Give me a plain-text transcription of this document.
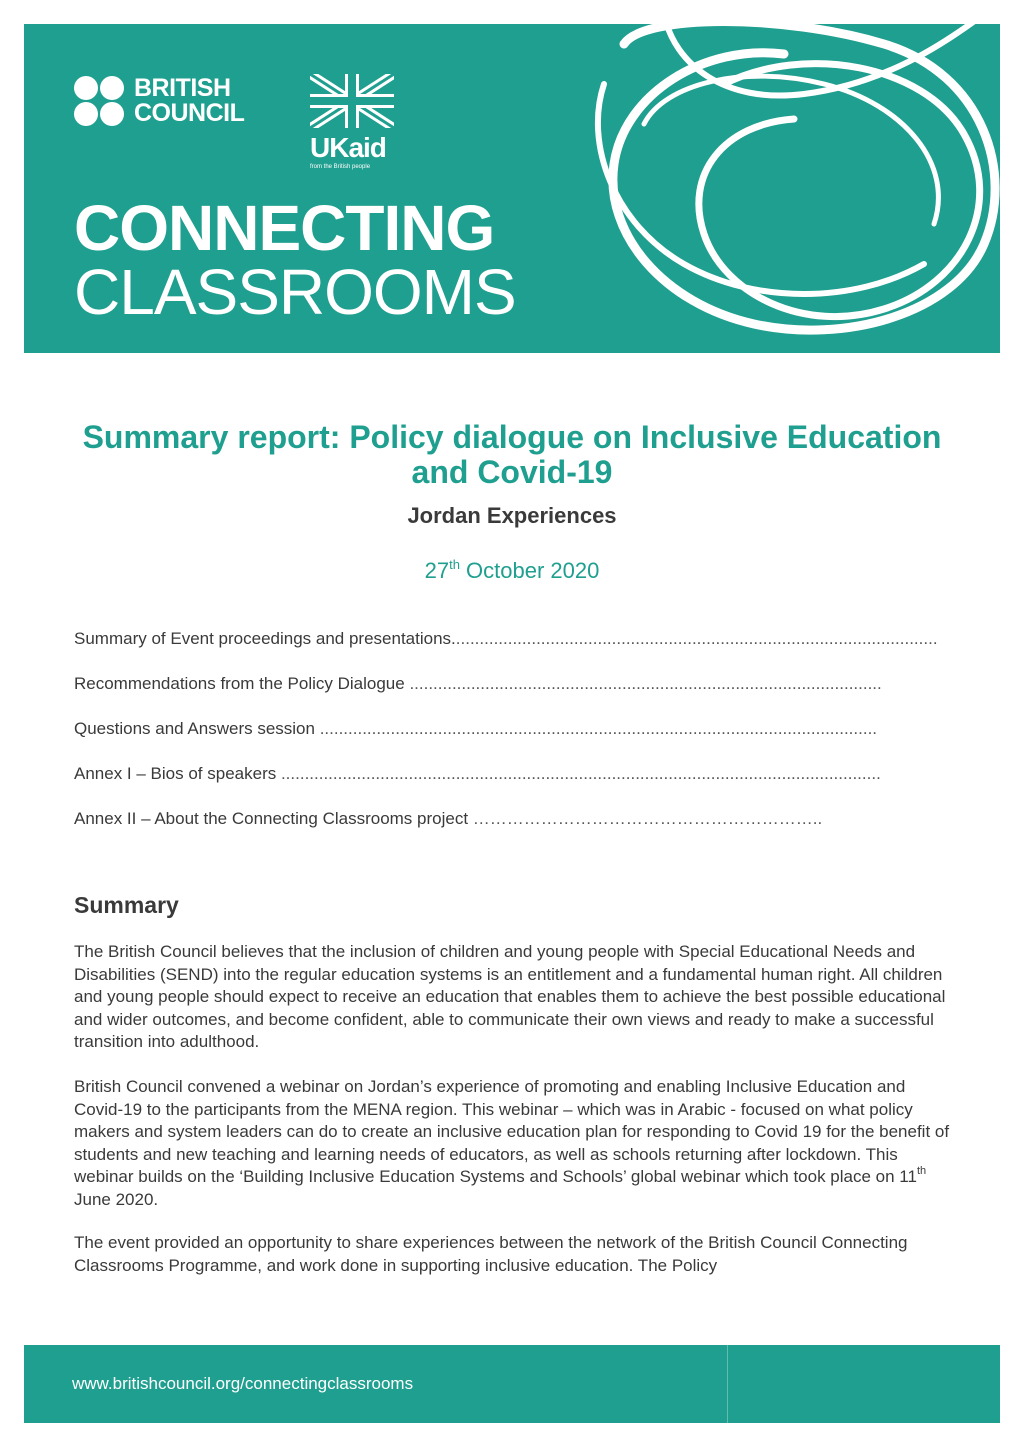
BRITISH
COUNCIL
UKaid
from the British people
CONNECTING
CLASSROOMS
Summary report: Policy dialogue on Inclusive Education and Covid-19
Jordan Experiences
27th October 2020
Summary of Event proceedings and presentations.......................................................................................................
Recommendations from the Policy Dialogue ....................................................................................................
Questions and Answers session ......................................................................................................................
Annex I – Bios of speakers ...............................................................................................................................
Annex II – About the Connecting Classrooms project ……………………………………………………..
Summary

The British Council believes that the inclusion of children and young people with Special Educational Needs and Disabilities (SEND) into the regular education systems is an entitlement and a fundamental human right. All children and young people should expect to receive an education that enables them to achieve the best possible educational and wider outcomes, and become confident, able to communicate their own views and ready to make a successful transition into adulthood.

British Council convened a webinar on Jordan’s experience of promoting and enabling Inclusive Education and Covid-19 to the participants from the MENA region. This webinar – which was in Arabic - focused on what policy makers and system leaders can do to create an inclusive education plan for responding to Covid 19 for the benefit of students and new teaching and learning needs of educators, as well as schools returning after lockdown. This webinar builds on the ‘Building Inclusive Education Systems and Schools’ global webinar which took place on 11th June 2020.

The event provided an opportunity to share experiences between the network of the British Council Connecting Classrooms Programme, and work done in supporting inclusive education. The Policy

www.britishcouncil.org/connectingclassrooms
